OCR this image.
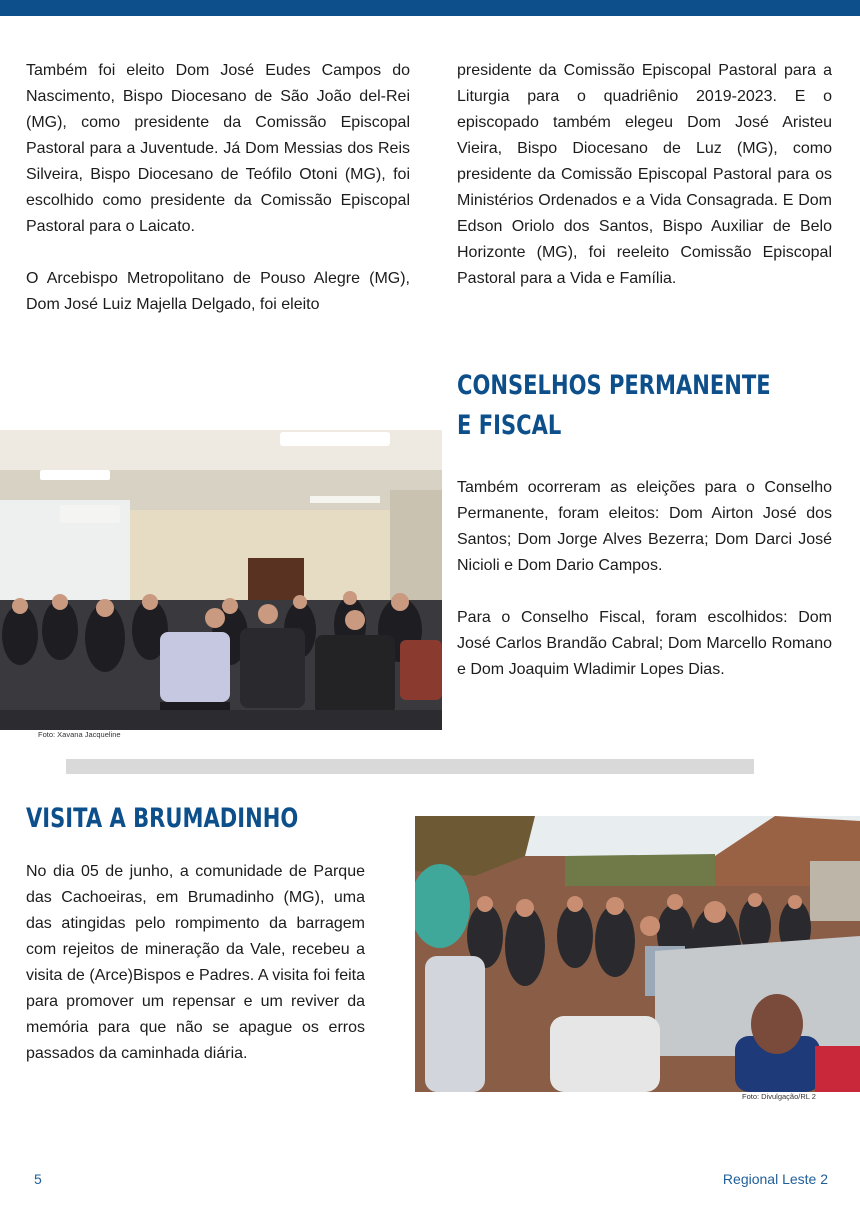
Também foi eleito Dom José Eudes Campos do Nascimento, Bispo Diocesano de São João del-Rei (MG), como presidente da Comissão Episcopal Pastoral para a Juventude. Já Dom Messias dos Reis Silveira, Bispo Diocesano de Teófilo Otoni (MG), foi escolhido como presidente da Comissão Episcopal Pastoral para o Laicato.

O Arcebispo Metropolitano de Pouso Alegre (MG), Dom José Luiz Majella Delgado, foi eleito

presidente da Comissão Episcopal Pastoral para a Liturgia para o quadriênio 2019-2023. E o episcopado também elegeu Dom José Aristeu Vieira, Bispo Diocesano de Luz (MG), como presidente da Comissão Episcopal Pastoral para os Ministérios Ordenados e a Vida Consagrada. E Dom Edson Oriolo dos Santos, Bispo Auxiliar de Belo Horizonte (MG), foi reeleito Comissão Episcopal Pastoral para a Vida e Família.

CONSELHOS PERMANENTE
E FISCAL

Também ocorreram as eleições para o Conselho Permanente, foram eleitos: Dom Airton José dos Santos; Dom Jorge Alves Bezerra; Dom Darci José Nicioli e Dom Dario Campos.

Para o Conselho Fiscal, foram escolhidos: Dom José Carlos Brandão Cabral; Dom Marcello Romano e Dom Joaquim Wladimir Lopes Dias.

Foto: Xavana Jacqueline
VISITA A BRUMADINHO

No dia 05 de junho, a comunidade de Parque das Cachoeiras, em Brumadinho (MG), uma das atingidas pelo rompimento da barragem com rejeitos de mineração da Vale, recebeu a visita de (Arce)Bispos e Padres. A visita foi feita para promover um repensar e um reviver da memória para que não se apague os erros passados da caminhada diária.

Foto: Divulgação/RL 2
5	Regional Leste 2
